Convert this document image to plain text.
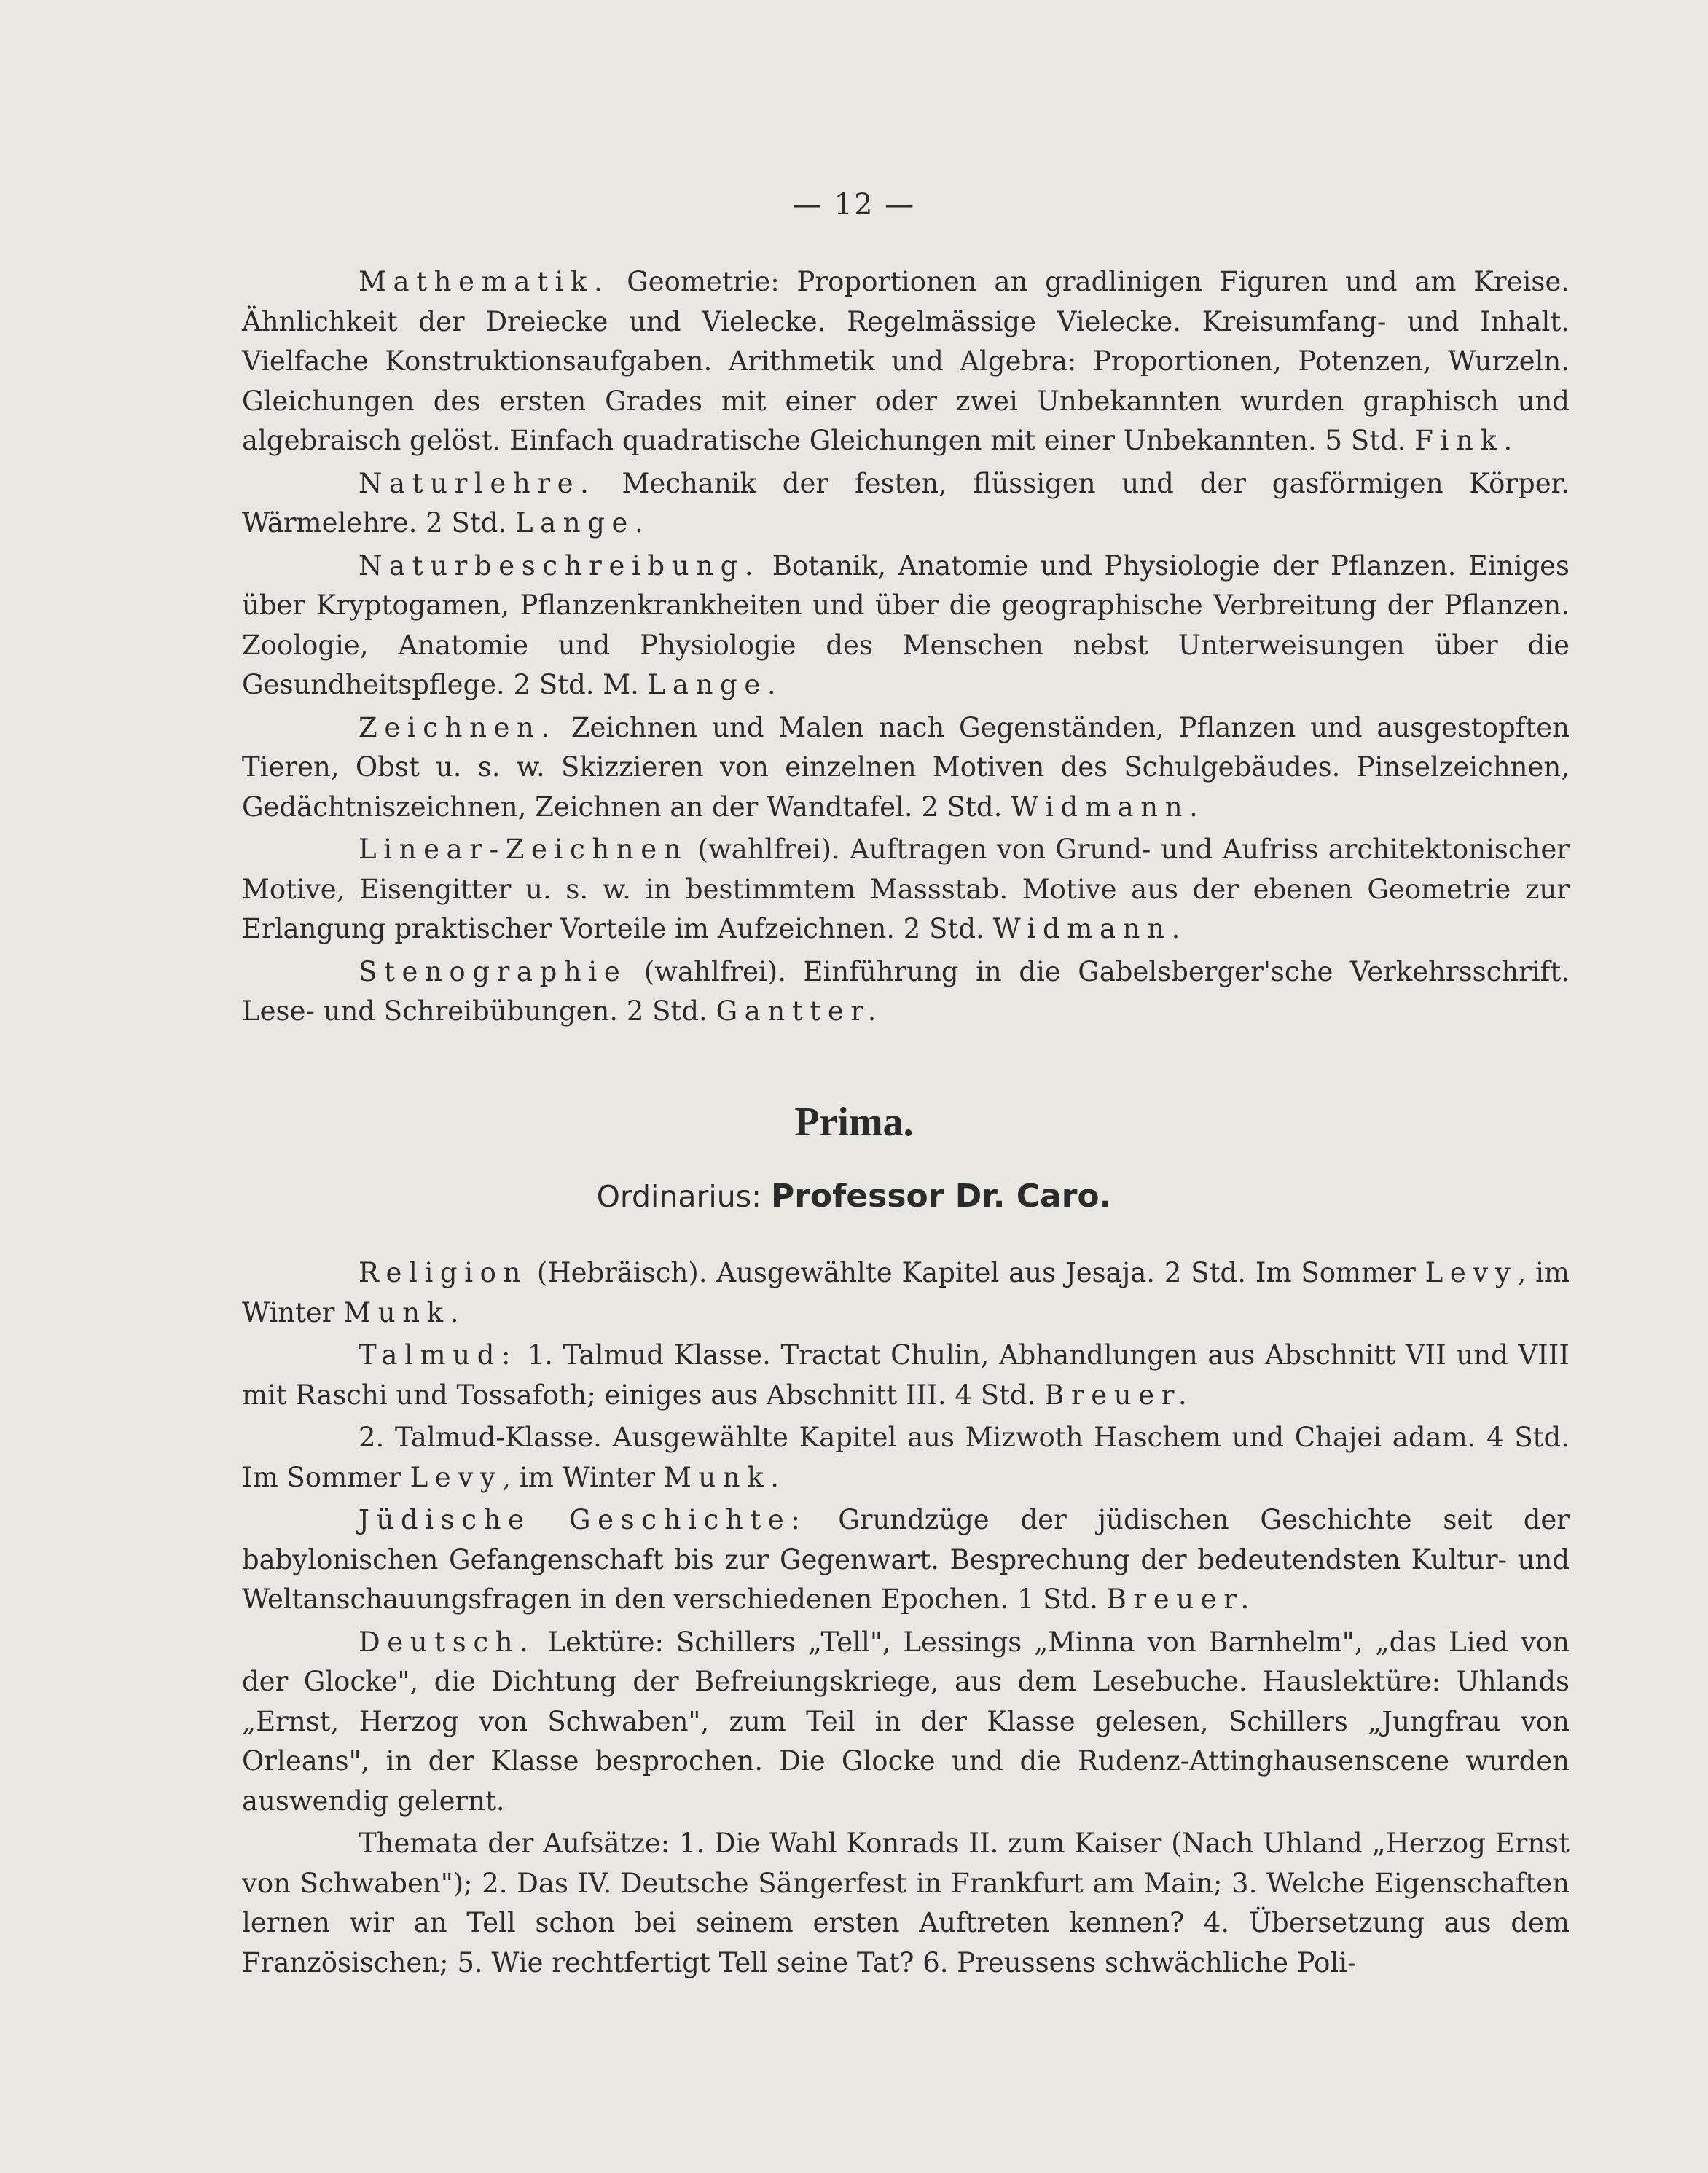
— 12 —

Mathematik. Geometrie: Proportionen an gradlinigen Figuren und am Kreise. Ähnlichkeit der Dreiecke und Vielecke. Regelmässige Vielecke. Kreisumfang- und Inhalt. Vielfache Konstruktionsaufgaben. Arithmetik und Algebra: Proportionen, Potenzen, Wurzeln. Gleichungen des ersten Grades mit einer oder zwei Unbekannten wurden graphisch und algebraisch gelöst. Einfach quadratische Gleichungen mit einer Unbekannten. 5 Std. Fink.

Naturlehre. Mechanik der festen, flüssigen und der gasförmigen Körper. Wärmelehre. 2 Std. Lange.

Naturbeschreibung. Botanik, Anatomie und Physiologie der Pflanzen. Einiges über Kryptogamen, Pflanzenkrankheiten und über die geographische Verbreitung der Pflanzen. Zoologie, Anatomie und Physiologie des Menschen nebst Unterweisungen über die Gesundheitspflege. 2 Std. M. Lange.

Zeichnen. Zeichnen und Malen nach Gegenständen, Pflanzen und ausgestopften Tieren, Obst u. s. w. Skizzieren von einzelnen Motiven des Schulgebäudes. Pinselzeichnen, Gedächtniszeichnen, Zeichnen an der Wandtafel. 2 Std. Widmann.

Linear-Zeichnen (wahlfrei). Auftragen von Grund- und Aufriss architektonischer Motive, Eisengitter u. s. w. in bestimmtem Massstab. Motive aus der ebenen Geometrie zur Erlangung praktischer Vorteile im Aufzeichnen. 2 Std. Widmann.

Stenographie (wahlfrei). Einführung in die Gabelsberger'sche Verkehrsschrift. Lese- und Schreibübungen. 2 Std. Gantter.

Prima.
Ordinarius: Professor Dr. Caro.

Religion (Hebräisch). Ausgewählte Kapitel aus Jesaja. 2 Std. Im Sommer Levy, im Winter Munk.

Talmud: 1. Talmud Klasse. Tractat Chulin, Abhandlungen aus Abschnitt VII und VIII mit Raschi und Tossafoth; einiges aus Abschnitt III. 4 Std. Breuer.

2. Talmud-Klasse. Ausgewählte Kapitel aus Mizwoth Haschem und Chajei adam. 4 Std. Im Sommer Levy, im Winter Munk.

Jüdische Geschichte: Grundzüge der jüdischen Geschichte seit der babylonischen Gefangenschaft bis zur Gegenwart. Besprechung der bedeutendsten Kultur- und Weltanschauungsfragen in den verschiedenen Epochen. 1 Std. Breuer.

Deutsch. Lektüre: Schillers „Tell", Lessings „Minna von Barnhelm", „das Lied von der Glocke", die Dichtung der Befreiungskriege, aus dem Lesebuche. Hauslektüre: Uhlands „Ernst, Herzog von Schwaben", zum Teil in der Klasse gelesen, Schillers „Jungfrau von Orleans", in der Klasse besprochen. Die Glocke und die Rudenz-Attinghausenscene wurden auswendig gelernt.

Themata der Aufsätze: 1. Die Wahl Konrads II. zum Kaiser (Nach Uhland „Herzog Ernst von Schwaben"); 2. Das IV. Deutsche Sängerfest in Frankfurt am Main; 3. Welche Eigenschaften lernen wir an Tell schon bei seinem ersten Auftreten kennen? 4. Übersetzung aus dem Französischen; 5. Wie rechtfertigt Tell seine Tat? 6. Preussens schwächliche Poli-
